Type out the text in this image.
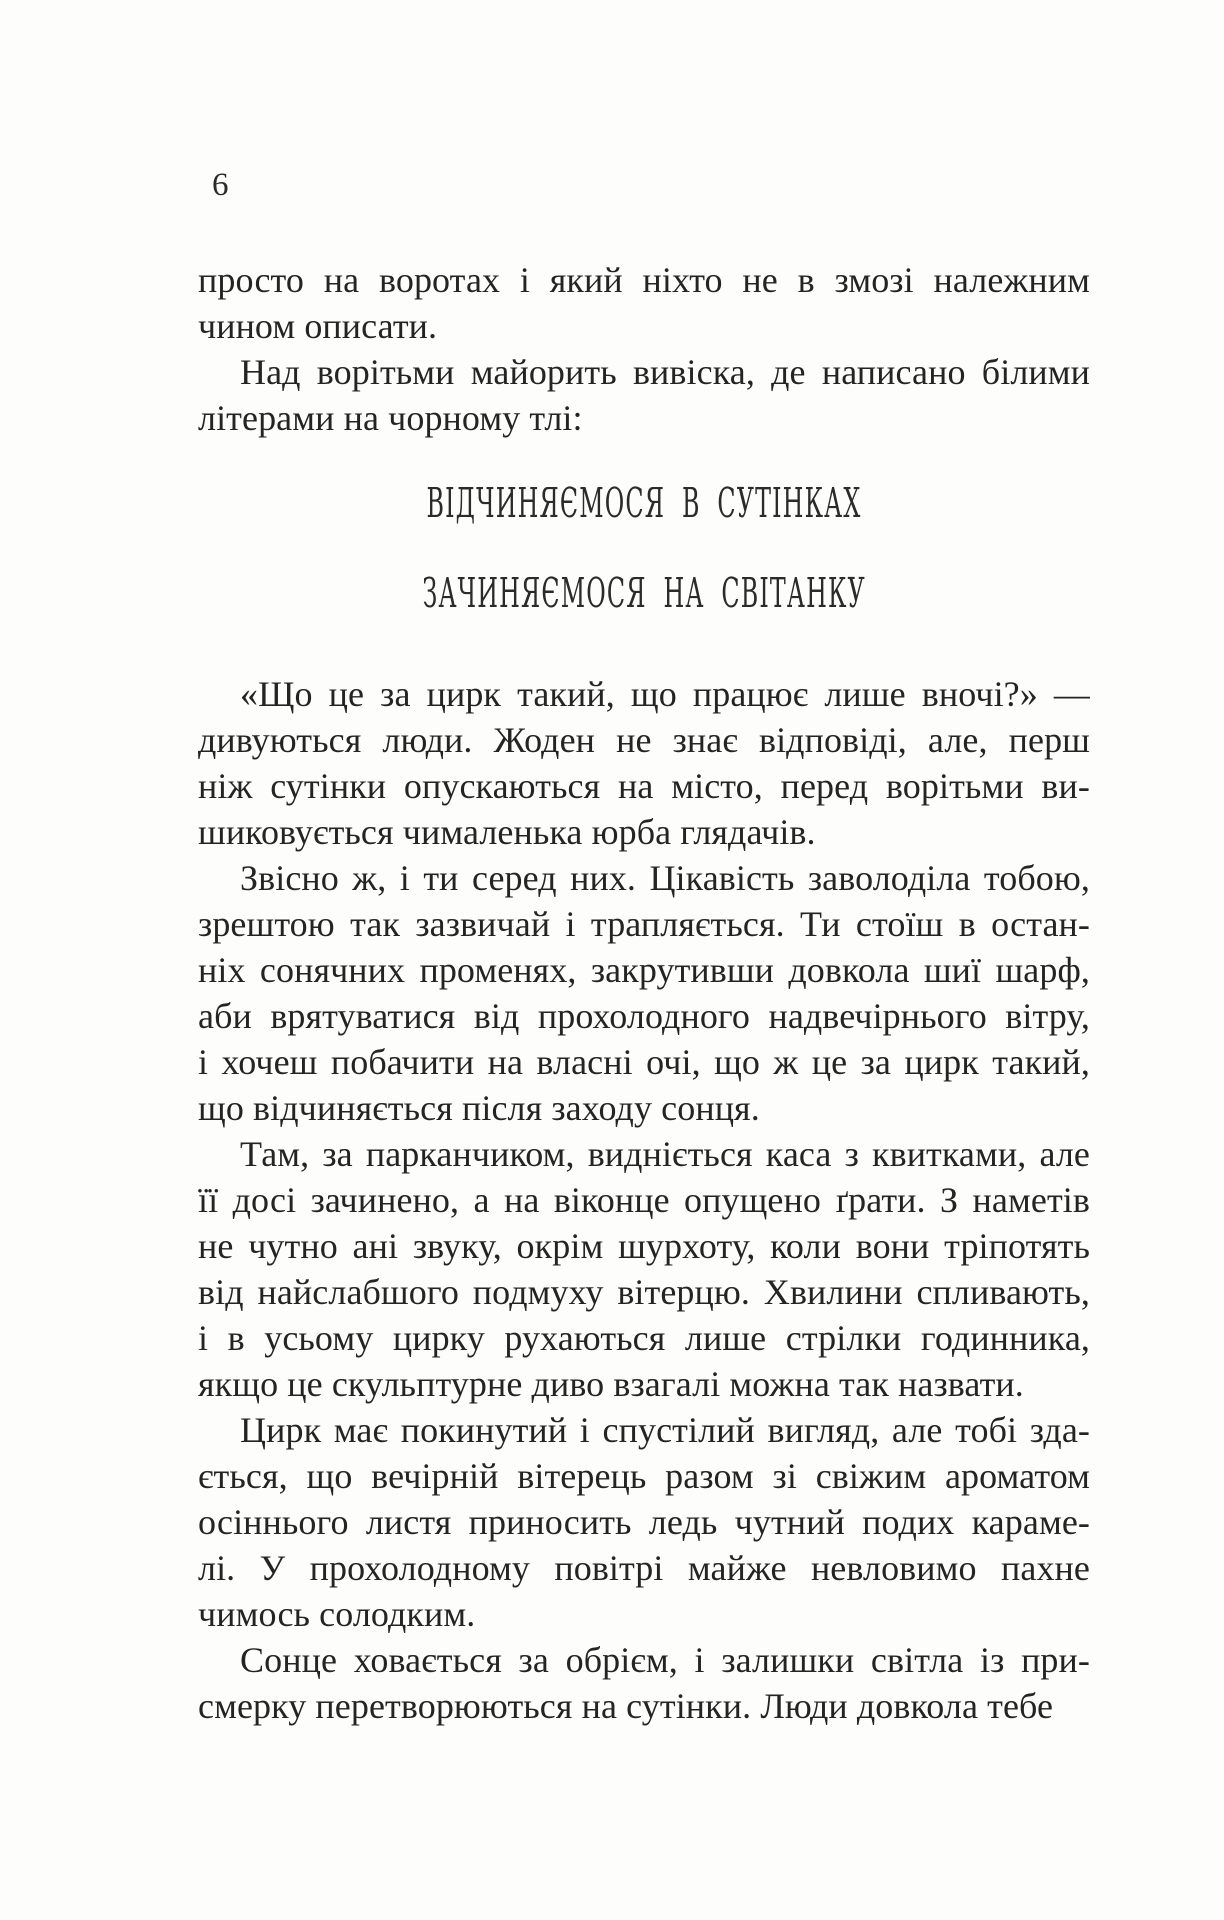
6
просто на воротах і який ніхто не в змозі належним
чином описати.
Над ворітьми майорить вивіска, де написано білими
літерами на чорному тлі:
ВІДЧИНЯЄМОСЯ В СУТІНКАХ
ЗАЧИНЯЄМОСЯ НА СВІТАНКУ
«Що це за цирк такий, що працює лише вночі?» —
дивуються люди. Жоден не знає відповіді, але, перш
ніж сутінки опускаються на місто, перед ворітьми ви-
шиковується чималенька юрба глядачів.
Звісно ж, і ти серед них. Цікавість заволоділа тобою,
зрештою так зазвичай і трапляється. Ти стоїш в остан-
ніх сонячних променях, закрутивши довкола шиї шарф,
аби врятуватися від прохолодного надвечірнього вітру,
і хочеш побачити на власні очі, що ж це за цирк такий,
що відчиняється після заходу сонця.
Там, за парканчиком, видніється каса з квитками, але
її досі зачинено, а на віконце опущено ґрати. З наметів
не чутно ані звуку, окрім шурхоту, коли вони тріпотять
від найслабшого подмуху вітерцю. Хвилини спливають,
і в усьому цирку рухаються лише стрілки годинника,
якщо це скульптурне диво взагалі можна так назвати.
Цирк має покинутий і спустілий вигляд, але тобі зда-
ється, що вечірній вітерець разом зі свіжим ароматом
осіннього листя приносить ледь чутний подих караме-
лі. У прохолодному повітрі майже невловимо пахне
чимось солодким.
Сонце ховається за обрієм, і залишки світла із при-
смерку перетворюються на сутінки. Люди довкола тебе
